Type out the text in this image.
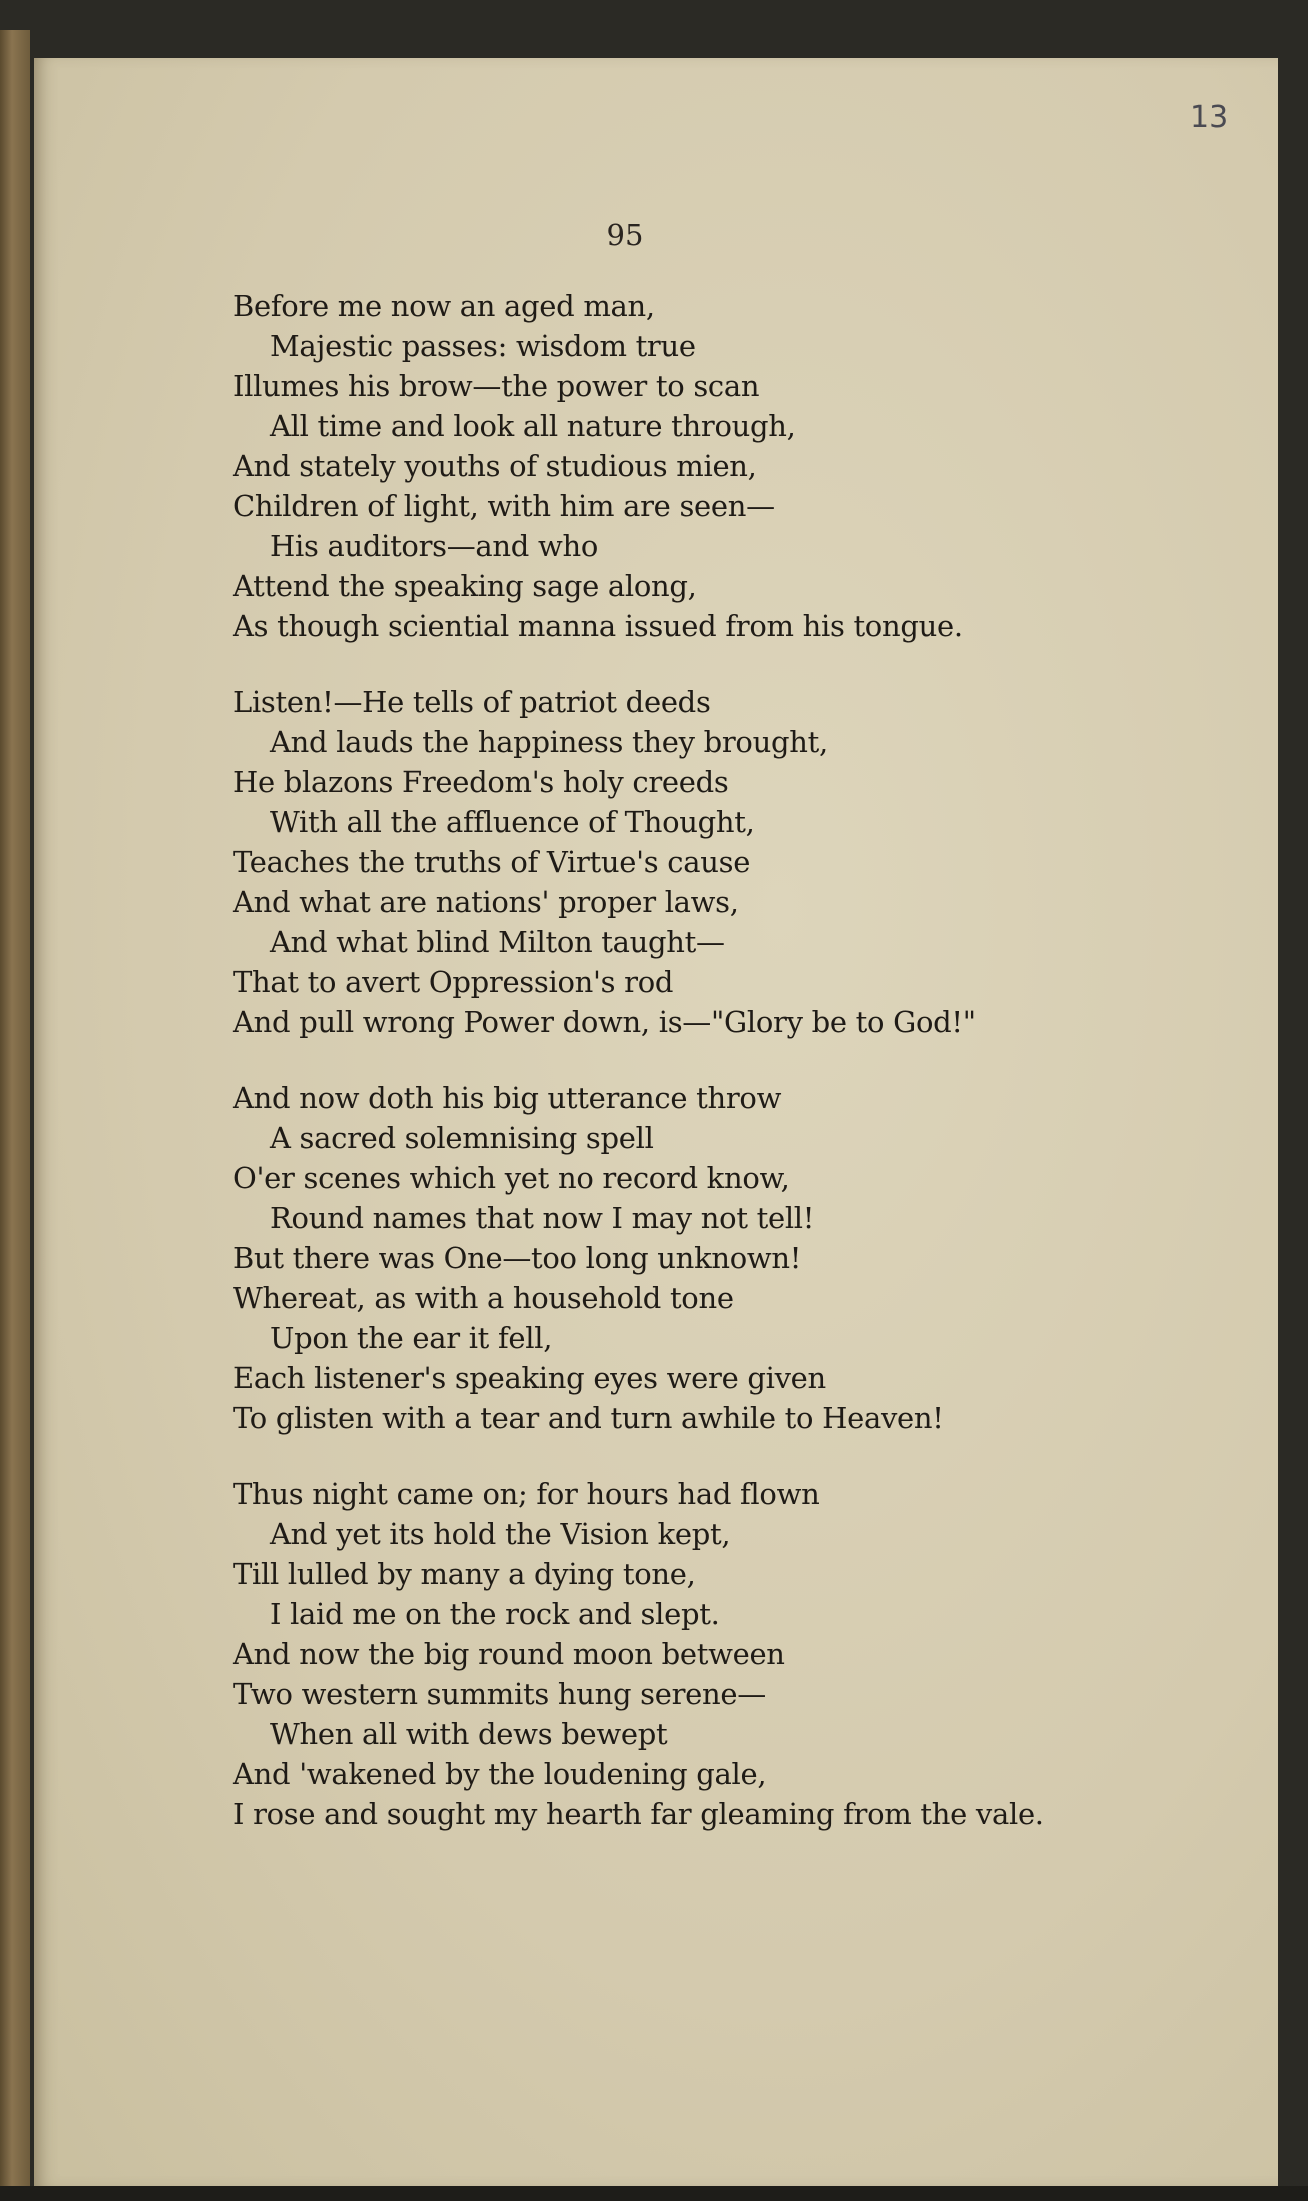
13
95
Before me now an aged man,
Majestic passes: wisdom true
Illumes his brow—the power to scan
All time and look all nature through,
And stately youths of studious mien,
Children of light, with him are seen—
His auditors—and who
Attend the speaking sage along,
As though sciential manna issued from his tongue.
Listen!—He tells of patriot deeds
And lauds the happiness they brought,
He blazons Freedom's holy creeds
With all the affluence of Thought,
Teaches the truths of Virtue's cause
And what are nations' proper laws,
And what blind Milton taught—
That to avert Oppression's rod
And pull wrong Power down, is—"Glory be to God!"
And now doth his big utterance throw
A sacred solemnising spell
O'er scenes which yet no record know,
Round names that now I may not tell!
But there was One—too long unknown!
Whereat, as with a household tone
Upon the ear it fell,
Each listener's speaking eyes were given
To glisten with a tear and turn awhile to Heaven!
Thus night came on; for hours had flown
And yet its hold the Vision kept,
Till lulled by many a dying tone,
I laid me on the rock and slept.
And now the big round moon between
Two western summits hung serene—
When all with dews bewept
And 'wakened by the loudening gale,
I rose and sought my hearth far gleaming from the vale.
